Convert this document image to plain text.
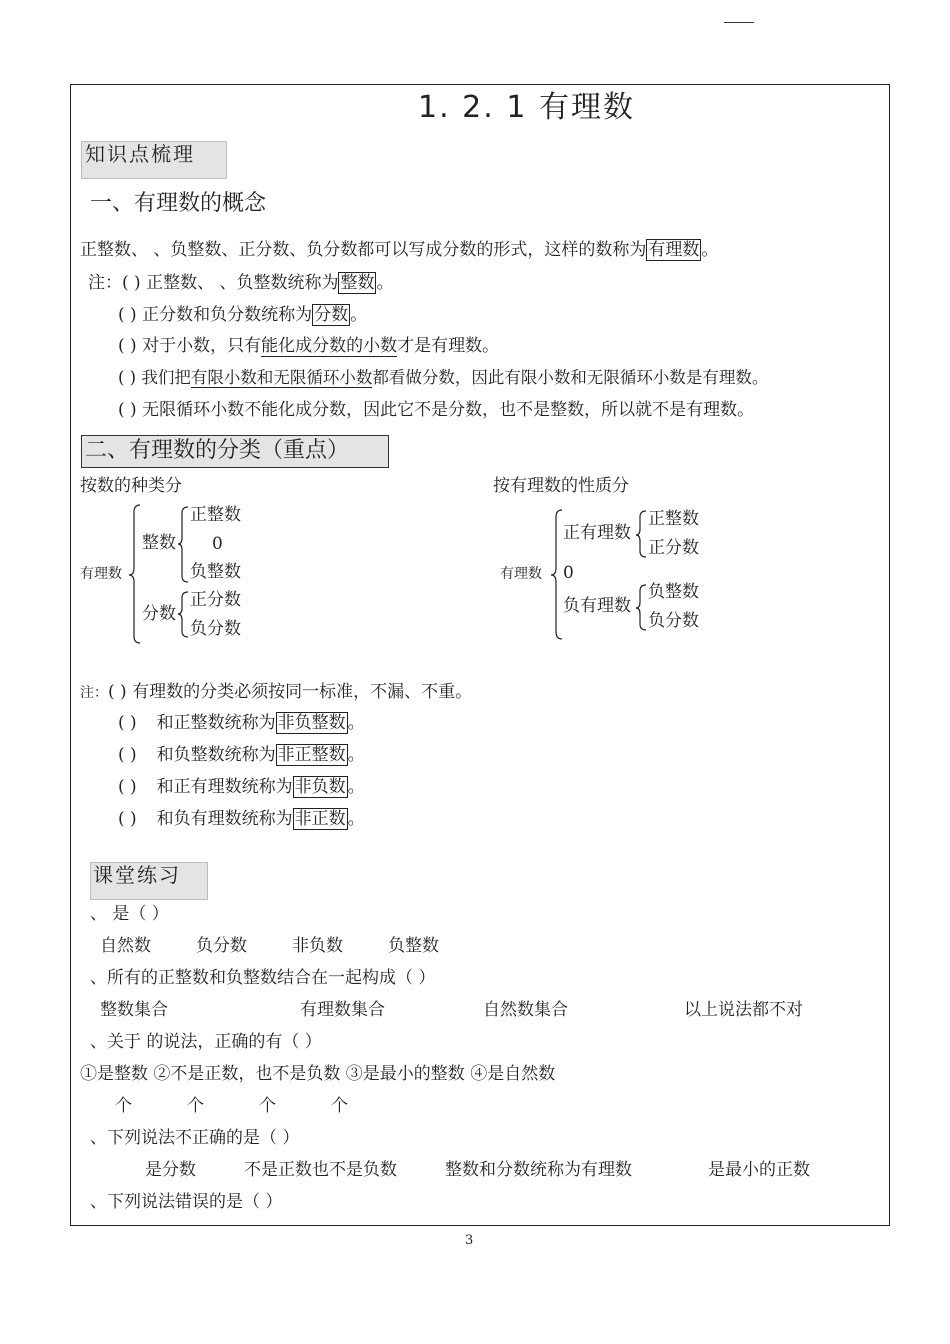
1. 2. 1 有理数
知识点梳理
一、有理数的概念
正整数、 、负整数、正分数、负分数都可以写成分数的形式，这样的数称为 有理数 。
注：( ) 正整数、 、负整数统称为 整数 。
( ) 正分数和负分数统称为 分数 。
( ) 对于小数，只有能化成分数的小数才是有理数。
( ) 我们把有限小数和无限循环小数都看做分数，因此有限小数和无限循环小数是有理数。
( ) 无限循环小数不能化成分数，因此它不是分数，也不是整数，所以就不是有理数。
二、有理数的分类（重点）
按数的种类分	按有理数的性质分
有理数
整数
正整数
0
负整数
分数
正分数
负分数
有理数
正有理数
正整数
正分数
0
负有理数
负整数
负分数
注：( ) 有理数的分类必须按同一标准，不漏、不重。
( ) 和正整数统称为 非负整数 。
( ) 和负整数统称为 非正整数 。
( ) 和正有理数统称为 非负数 。
( ) 和负有理数统称为 非正数 。
课堂练习
、 是（ ）
自然数	负分数	非负数	负整数
、所有的正整数和负整数结合在一起构成（ ）
整数集合	有理数集合	自然数集合	以上说法都不对
、关于 的说法，正确的有（ ）
①是整数 ②不是正数，也不是负数 ③是最小的整数 ④是自然数
个	个	个	个
、下列说法不正确的是（ ）
是分数	不是正数也不是负数	整数和分数统称为有理数	是最小的正数
、下列说法错误的是（ ）
3
